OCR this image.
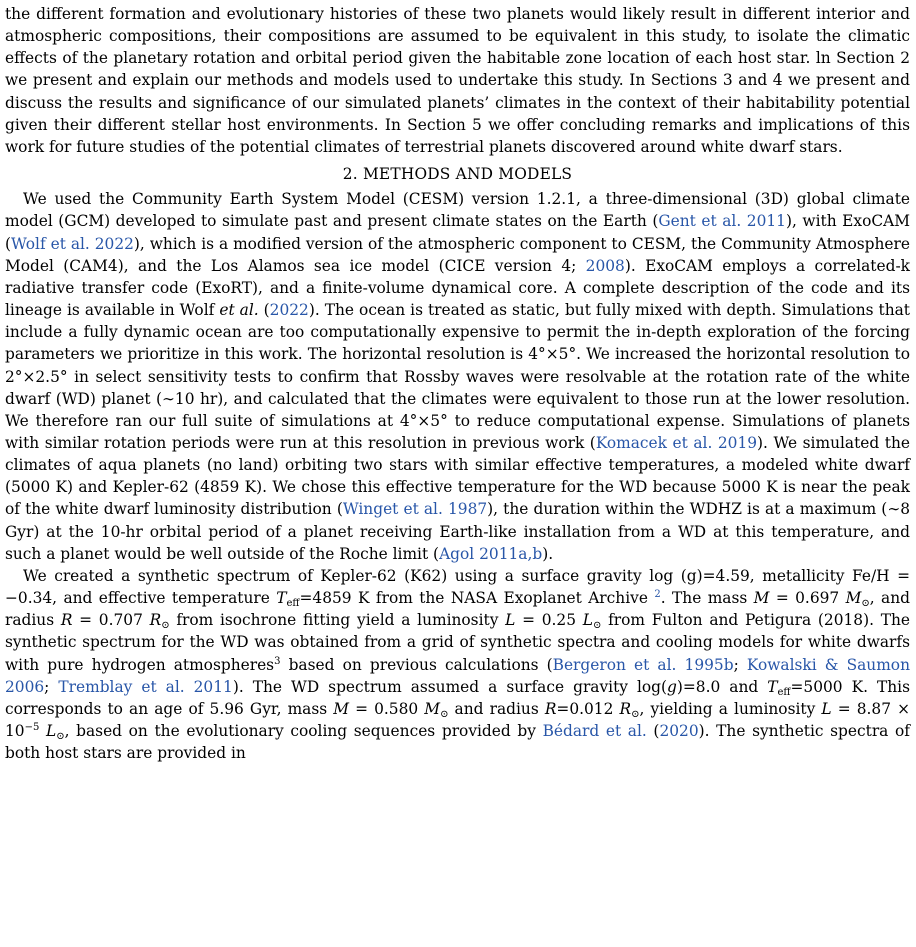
the different formation and evolutionary histories of these two planets would likely result in different interior and atmospheric compositions, their compositions are assumed to be equivalent in this study, to isolate the climatic effects of the planetary rotation and orbital period given the habitable zone location of each host star. ln Section 2 we present and explain our methods and models used to undertake this study. In Sections 3 and 4 we present and discuss the results and significance of our simulated planets’ climates in the context of their habitability potential given their different stellar host environments. In Section 5 we offer concluding remarks and implications of this work for future studies of the potential climates of terrestrial planets discovered around white dwarf stars.

2. METHODS AND MODELS

We used the Community Earth System Model (CESM) version 1.2.1, a three-dimensional (3D) global climate model (GCM) developed to simulate past and present climate states on the Earth (Gent et al. 2011), with ExoCAM (Wolf et al. 2022), which is a modified version of the atmospheric component to CESM, the Community Atmosphere Model (CAM4), and the Los Alamos sea ice model (CICE version 4; 2008). ExoCAM employs a correlated-k radiative transfer code (ExoRT), and a finite-volume dynamical core. A complete description of the code and its lineage is available in Wolf et al. (2022). The ocean is treated as static, but fully mixed with depth. Simulations that include a fully dynamic ocean are too computationally expensive to permit the in-depth exploration of the forcing parameters we prioritize in this work. The horizontal resolution is 4°×5°. We increased the horizontal resolution to 2°×2.5° in select sensitivity tests to confirm that Rossby waves were resolvable at the rotation rate of the white dwarf (WD) planet (∼10 hr), and calculated that the climates were equivalent to those run at the lower resolution. We therefore ran our full suite of simulations at 4°×5° to reduce computational expense. Simulations of planets with similar rotation periods were run at this resolution in previous work (Komacek et al. 2019). We simulated the climates of aqua planets (no land) orbiting two stars with similar effective temperatures, a modeled white dwarf (5000 K) and Kepler-62 (4859 K). We chose this effective temperature for the WD because 5000 K is near the peak of the white dwarf luminosity distribution (Winget et al. 1987), the duration within the WDHZ is at a maximum (∼8 Gyr) at the 10-hr orbital period of a planet receiving Earth-like installation from a WD at this temperature, and such a planet would be well outside of the Roche limit (Agol 2011a,b).

We created a synthetic spectrum of Kepler-62 (K62) using a surface gravity log (g)=4.59, metallicity Fe/H = −0.34, and effective temperature $T_{eff}=4859$ K from the NASA Exoplanet Archive $^2$. The mass M = 0.697 $M_⊙$, and radius R = 0.707 $R_⊙$ from isochrone fitting yield a luminosity L = 0.25 $L_⊙$ from Fulton and Petigura (2018). The synthetic spectrum for the WD was obtained from a grid of synthetic spectra and cooling models for white dwarfs with pure hydrogen atmospheres$^3$ based on previous calculations (Bergeron et al. 1995b; Kowalski & Saumon 2006; Tremblay et al. 2011). The WD spectrum assumed a surface gravity log(g)=8.0 and $T_{eff}=5000$ K. This corresponds to an age of 5.96 Gyr, mass M = 0.580 $M_⊙$ and radius R=0.012 $R_⊙$, yielding a luminosity $L = 8.87 \times 10^{-5}$ $L_⊙$, based on the evolutionary cooling sequences provided by Bédard et al. (2020). The synthetic spectra of both host stars are provided in
